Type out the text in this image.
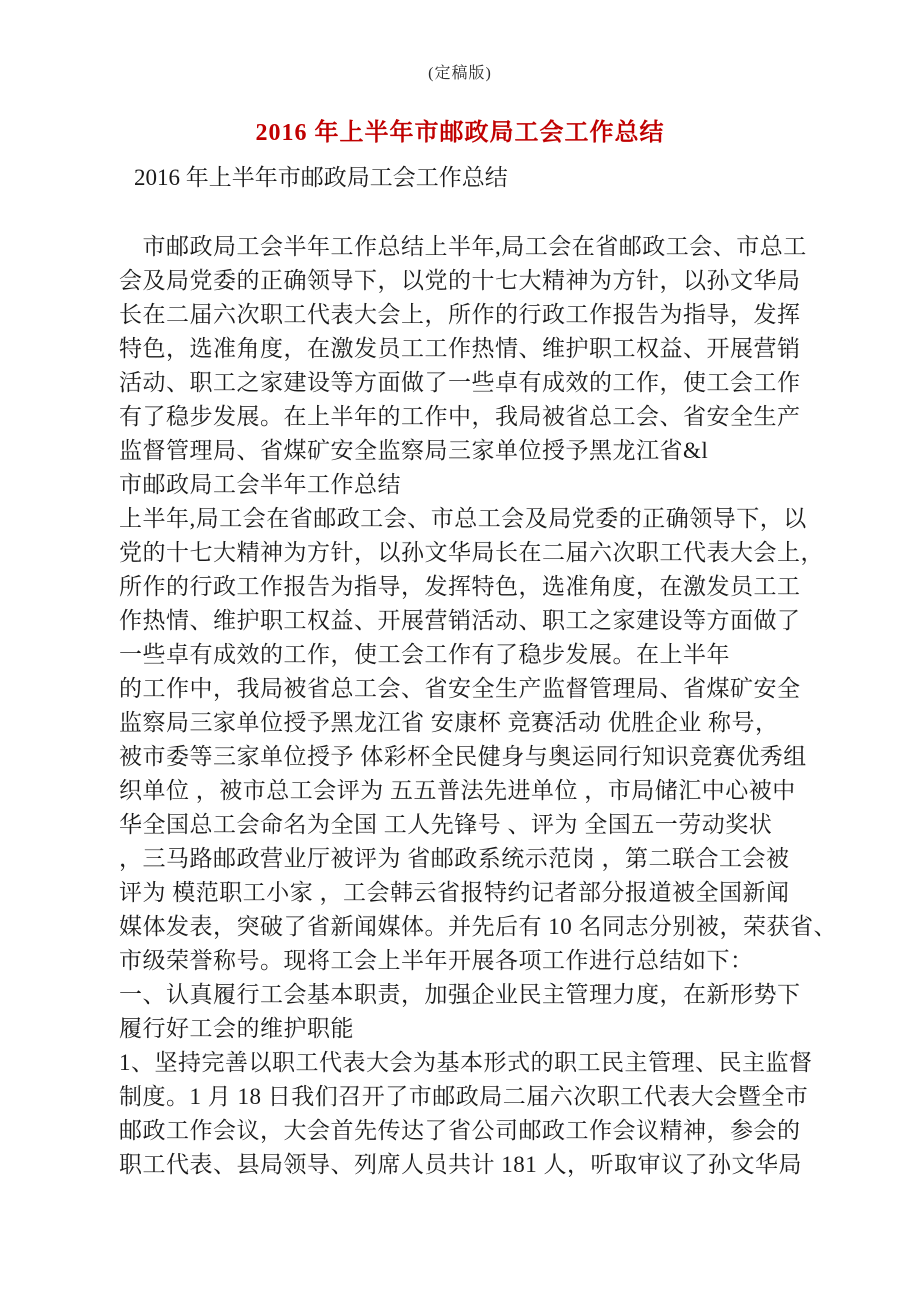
(定稿版)
2016 年上半年市邮政局工会工作总结
2016 年上半年市邮政局工会工作总结
　市邮政局工会半年工作总结上半年,局工会在省邮政工会、市总工
会及局党委的正确领导下，以党的十七大精神为方针，以孙文华局
长在二届六次职工代表大会上，所作的行政工作报告为指导，发挥
特色，选准角度，在激发员工工作热情、维护职工权益、开展营销
活动、职工之家建设等方面做了一些卓有成效的工作，使工会工作
有了稳步发展。在上半年的工作中，我局被省总工会、省安全生产
监督管理局、省煤矿安全监察局三家单位授予黑龙江省&l
市邮政局工会半年工作总结
上半年,局工会在省邮政工会、市总工会及局党委的正确领导下，以
党的十七大精神为方针，以孙文华局长在二届六次职工代表大会上，
所作的行政工作报告为指导，发挥特色，选准角度，在激发员工工
作热情、维护职工权益、开展营销活动、职工之家建设等方面做了
一些卓有成效的工作，使工会工作有了稳步发展。在上半年
的工作中，我局被省总工会、省安全生产监督管理局、省煤矿安全
监察局三家单位授予黑龙江省 安康杯 竞赛活动 优胜企业 称号，
被市委等三家单位授予 体彩杯全民健身与奥运同行知识竞赛优秀组
织单位 ，被市总工会评为 五五普法先进单位 ，市局储汇中心被中
华全国总工会命名为全国 工人先锋号 、评为 全国五一劳动奖状
，三马路邮政营业厅被评为 省邮政系统示范岗 ，第二联合工会被
评为 模范职工小家 ，工会韩云省报特约记者部分报道被全国新闻
媒体发表，突破了省新闻媒体。并先后有 10 名同志分别被，荣获省、
市级荣誉称号。现将工会上半年开展各项工作进行总结如下：
一、认真履行工会基本职责，加强企业民主管理力度，在新形势下
履行好工会的维护职能
1、坚持完善以职工代表大会为基本形式的职工民主管理、民主监督
制度。1 月 18 日我们召开了市邮政局二届六次职工代表大会暨全市
邮政工作会议，大会首先传达了省公司邮政工作会议精神，参会的
职工代表、县局领导、列席人员共计 181 人，听取审议了孙文华局
